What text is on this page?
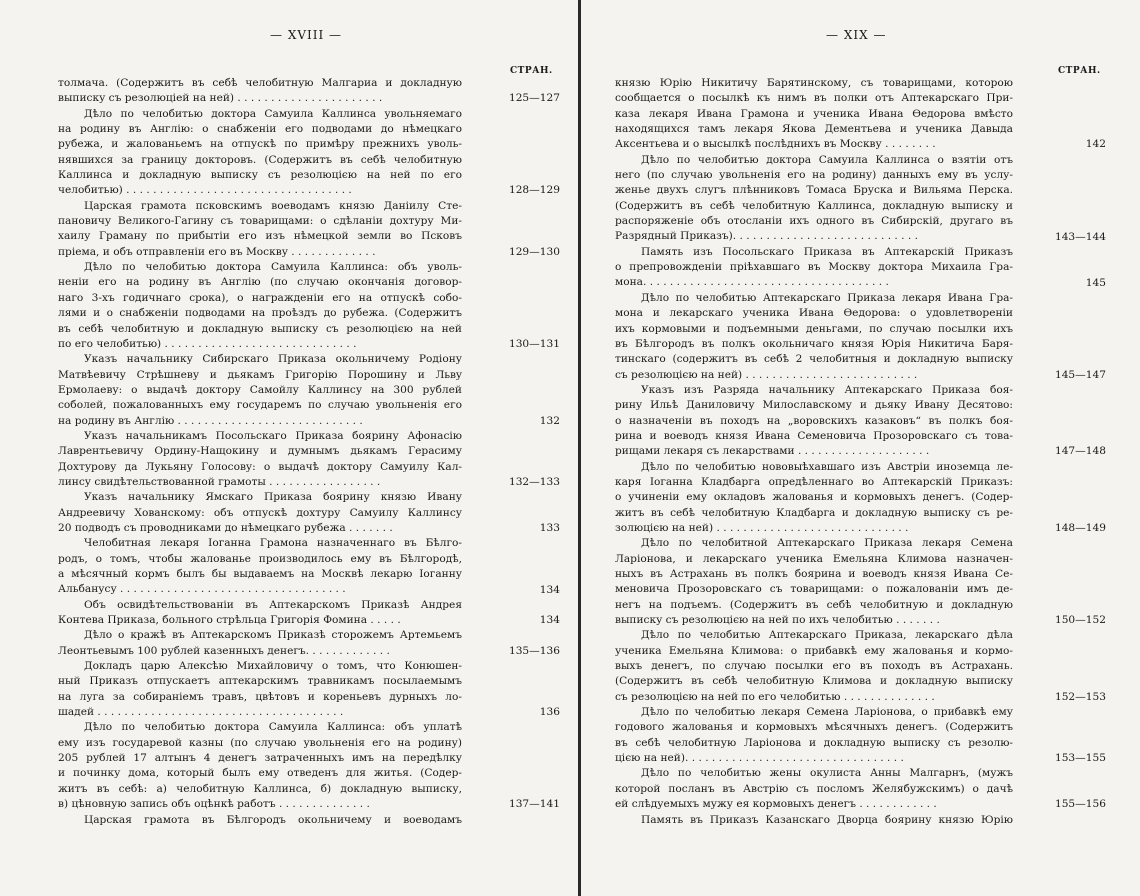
— XVIII —
СТРАН.
толмача. (Содержитъ въ себѣ челобитную Малгариа и докладную
выписку съ резолюціей на ней) . . . . . . . . . . . . . . . . . . . . . .
Дѣло по челобитью доктора Самуила Каллинса увольняемаго
на родину въ Англію: о снабженіи его подводами до нѣмецкаго
рубежа, и жалованьемъ на отпускѣ по примѣру прежнихъ уволь-
нявшихся за границу докторовъ. (Содержитъ въ себѣ челобитную
Каллинса и докладную выписку съ резолюцією на ней по его
челобитью) . . . . . . . . . . . . . . . . . . . . . . . . . . . . . . . . . .
Царская грамота псковскимъ воеводамъ князю Даніилу Сте-
пановичу Великого-Гагину съ товарищами: о сдѣланіи дохтуру Ми-
хаилу Граману по прибытіи его изъ нѣмецкой земли во Псковъ
пріема, и объ отправленіи его въ Москву . . . . . . . . . . . . .
Дѣло по челобитью доктора Самуила Каллинса: объ уволь-
неніи его на родину въ Англію (по случаю окончанія договор-
наго 3-хъ годичнаго срока), о награжденіи его на отпускѣ собо-
лями и о снабженіи подводами на проѣздъ до рубежа. (Содержитъ
въ себѣ челобитную и докладную выписку съ резолюцією на ней
по его челобитью) . . . . . . . . . . . . . . . . . . . . . . . . . . . . .
Указъ начальнику Сибирскаго Приказа окольничему Родіону
Матвѣевичу Стрѣшневу и дьякамъ Григорію Порошину и Львy
Ермолаеву: о выдачѣ доктору Самойлу Каллинсу на 300 рублей
соболей, пожалованныхъ ему государемъ по случаю увольненія его
на родину въ Англію . . . . . . . . . . . . . . . . . . . . . . . . . . . .
Указъ начальникамъ Посольскаго Приказа боярину Афонасію
Лаврентьевичу Ордину-Нащокину и думнымъ дьякамъ Герасиму
Дохтурову да Лукьяну Голосову: о выдачѣ доктору Самуилу Кал-
линсу свидѣтельствованной грамоты . . . . . . . . . . . . . . . . .
Указъ начальнику Ямскаго Приказа боярину князю Ивану
Андреевичу Хованскому: объ отпускѣ дохтуру Самуилу Каллинсу
20 подводъ съ проводниками до нѣмецкаго рубежа . . . . . . .
Челобитная лекаря Іоганна Грамона назначеннаго въ Бѣлго-
родъ, о томъ, чтобы жалованье производилось ему въ Бѣлгородѣ,
а мѣсячный кормъ былъ бы выдаваемъ на Москвѣ лекарю Іоганну
Альбанусу . . . . . . . . . . . . . . . . . . . . . . . . . . . . . . . . . .
Объ освидѣтельствованіи въ Аптекарскомъ Приказѣ Андрея
Контева Приказа, больного стрѣльца Григорія Фомина . . . . .
Дѣло о кражѣ въ Аптекарскомъ Приказѣ сторожемъ Артемьемъ
Леонтьевымъ 100 рублей казенныхъ денегъ. . . . . . . . . . . . .
Докладъ царю Алексѣю Михайловичу о томъ, что Конюшен-
ный Приказъ отпускаетъ аптекарскимъ травникамъ посылаемымъ
на луга за собираніемъ травъ, цвѣтовъ и кореньевъ дурныхъ ло-
шадей . . . . . . . . . . . . . . . . . . . . . . . . . . . . . . . . . . . . .
Дѣло по челобитью доктора Самуила Каллинса: объ уплатѣ
ему изъ государевой казны (по случаю увольненія его на родину)
205 рублей 17 алтынъ 4 денегъ затраченныхъ имъ на передѣлку
и починку дома, который былъ ему отведенъ для житья. (Содер-
житъ въ себѣ: а) челобитную Каллинса, б) докладную выписку,
в) цѣновную запись объ оцѣнкѣ работъ . . . . . . . . . . . . . .
Царская грамота въ Бѣлгородъ окольничему и воеводамъ
125—127
128—129
129—130
130—131
132
132—133
133
134
134
135—136
136
137—141
— XIX —
СТРАН.
князю Юрію Никитичу Барятинскому, съ товарищами, которою
сообщается о посылкѣ къ нимъ въ полки отъ Аптекарскаго При-
каза лекаря Ивана Грамона и ученика Ивана Өедорова вмѣсто
находящихся тамъ лекаря Якова Дементьева и ученика Давыда
Аксентьева и о высылкѣ послѣднихъ въ Москву . . . . . . . .
Дѣло по челобитью доктора Самуила Каллинса о взятіи отъ
него (по случаю увольненія его на родину) данныхъ ему въ услу-
женье двухъ слугъ плѣнниковъ Томаса Бруска и Вильяма Перска.
(Содержитъ въ себѣ челобитную Каллинса, докладную выписку и
распоряженіе объ отосланіи ихъ одного въ Сибирскій, другаго въ
Разрядный Приказъ). . . . . . . . . . . . . . . . . . . . . . . . . . . .
Память изъ Посольскаго Приказа въ Аптекарскій Приказъ
о препровожденіи пріѣхавшаго въ Москву доктора Михаила Гра-
мона. . . . . . . . . . . . . . . . . . . . . . . . . . . . . . . . . . . . .
Дѣло по челобитью Аптекарскаго Приказа лекаря Ивана Гра-
мона и лекарскаго ученика Ивана Өедорова: о удовлетвореніи
ихъ кормовыми и подъемными деньгами, по случаю посылки ихъ
въ Бѣлгородъ въ полкъ окольничаго князя Юрія Никитича Баря-
тинскаго (содержитъ въ себѣ 2 челобитныя и докладную выписку
съ резолюцією на ней) . . . . . . . . . . . . . . . . . . . . . . . . . .
Указъ изъ Разряда начальнику Аптекарскаго Приказа боя-
рину Ильѣ Даниловичу Милославскому и дьяку Ивану Десятово:
о назначеніи въ походъ на „воровскихъ казаковъ“ въ полкъ боя-
рина и воеводъ князя Ивана Семеновича Прозоровскаго съ това-
рищами лекаря съ лекарствами . . . . . . . . . . . . . . . . . . . .
Дѣло по челобитью нововыѣхавшаго изъ Австріи иноземца ле-
каря Іоганна Кладбарга опредѣленнаго во Аптекарскій Приказъ:
о учиненіи ему окладовъ жалованья и кормовыхъ денегъ. (Содер-
житъ въ себѣ челобитную Кладбарга и докладную выписку съ ре-
золюцією на ней) . . . . . . . . . . . . . . . . . . . . . . . . . . . . .
Дѣло по челобитной Аптекарскаго Приказа лекаря Семена
Ларіонова, и лекарскаго ученика Емельяна Климова назначен-
ныхъ въ Астрахань въ полкъ боярина и воеводъ князя Ивана Се-
меновича Прозоровскаго съ товарищами: о пожалованіи имъ де-
негъ на подъемъ. (Содержитъ въ себѣ челобитную и докладную
выписку съ резолюцією на ней по ихъ челобитью . . . . . . .
Дѣло по челобитью Аптекарскаго Приказа, лекарскаго дѣла
ученика Емельяна Климова: о прибавкѣ ему жалованья и кормо-
выхъ денегъ, по случаю посылки его въ походъ въ Астрахань.
(Содержитъ въ себѣ челобитную Климова и докладную выписку
съ резолюцією на ней по его челобитью . . . . . . . . . . . . . .
Дѣло по челобитью лекаря Семена Ларіонова, о прибавкѣ ему
годового жалованья и кормовыхъ мѣсячныхъ денегъ. (Содержитъ
въ себѣ челобитную Ларіонова и докладную выписку съ резолю-
цією на ней). . . . . . . . . . . . . . . . . . . . . . . . . . . . . . . . .
Дѣло по челобитью жены окулиста Анны Малгарнъ, (мужъ
которой посланъ въ Австрію съ посломъ Желябужскимъ) о дачѣ
ей слѣдуемыхъ мужу ея кормовыхъ денегъ . . . . . . . . . . . .
Память въ Приказъ Казанскаго Дворца боярину князю Юрію
142
143—144
145
145—147
147—148
148—149
150—152
152—153
153—155
155—156
